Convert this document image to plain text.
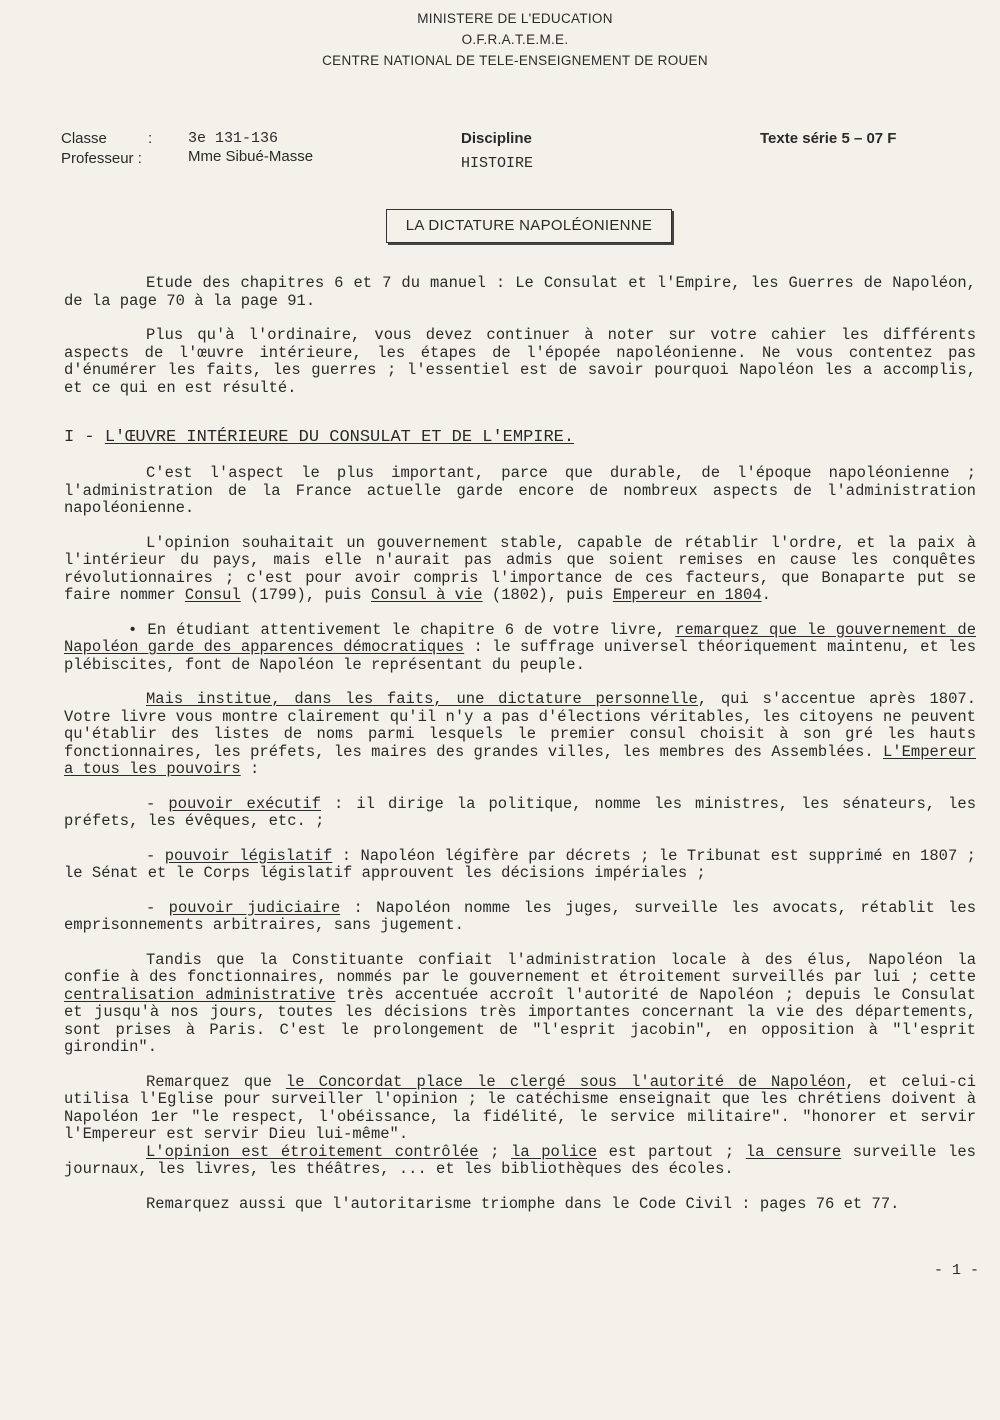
MINISTERE DE L'EDUCATION
O.F.R.A.T.E.M.E.
CENTRE NATIONAL DE TELE-ENSEIGNEMENT DE ROUEN
Classe	: 3e 131-136
Professeur :	Mme Sibué-Masse
Discipline
HISTOIRE
Texte série 5 – 07 F
LA DICTATURE NAPOLÉONIENNE

Etude des chapitres 6 et 7 du manuel : Le Consulat et l'Empire, les Guerres de Napoléon, de la page 70 à la page 91.

Plus qu'à l'ordinaire, vous devez continuer à noter sur votre cahier les différents aspects de l'œuvre intérieure, les étapes de l'épopée napoléonienne. Ne vous contentez pas d'énumérer les faits, les guerres ; l'essentiel est de savoir pourquoi Napoléon les a accomplis, et ce qui en est résulté.

I - L'ŒUVRE INTÉRIEURE DU CONSULAT ET DE L'EMPIRE.

C'est l'aspect le plus important, parce que durable, de l'époque napoléonienne ; l'administration de la France actuelle garde encore de nombreux aspects de l'administration napoléonienne.

L'opinion souhaitait un gouvernement stable, capable de rétablir l'ordre, et la paix à l'intérieur du pays, mais elle n'aurait pas admis que soient remises en cause les conquêtes révolutionnaires ; c'est pour avoir compris l'importance de ces facteurs, que Bonaparte put se faire nommer Consul (1799), puis Consul à vie (1802), puis Empereur en 1804.

• En étudiant attentivement le chapitre 6 de votre livre, remarquez que le gouvernement de Napoléon garde des apparences démocratiques : le suffrage universel théoriquement maintenu, et les plébiscites, font de Napoléon le représentant du peuple.

Mais institue, dans les faits, une dictature personnelle, qui s'accentue après 1807. Votre livre vous montre clairement qu'il n'y a pas d'élections véritables, les citoyens ne peuvent qu'établir des listes de noms parmi lesquels le premier consul choisit à son gré les hauts fonctionnaires, les préfets, les maires des grandes villes, les membres des Assemblées. L'Empereur a tous les pouvoirs :

- pouvoir exécutif : il dirige la politique, nomme les ministres, les sénateurs, les préfets, les évêques, etc. ;

- pouvoir législatif : Napoléon légifère par décrets ; le Tribunat est supprimé en 1807 ; le Sénat et le Corps législatif approuvent les décisions impériales ;

- pouvoir judiciaire : Napoléon nomme les juges, surveille les avocats, rétablit les emprisonnements arbitraires, sans jugement.

Tandis que la Constituante confiait l'administration locale à des élus, Napoléon la confie à des fonctionnaires, nommés par le gouvernement et étroitement surveillés par lui ; cette centralisation administrative très accentuée accroît l'autorité de Napoléon ; depuis le Consulat et jusqu'à nos jours, toutes les décisions très importantes concernant la vie des départements, sont prises à Paris. C'est le prolongement de "l'esprit jacobin", en opposition à "l'esprit girondin".

Remarquez que le Concordat place le clergé sous l'autorité de Napoléon, et celui-ci utilisa l'Eglise pour surveiller l'opinion ; le catéchisme enseignait que les chrétiens doivent à Napoléon 1er "le respect, l'obéissance, la fidélité, le service militaire". "honorer et servir l'Empereur est servir Dieu lui-même".

L'opinion est étroitement contrôlée ; la police est partout ; la censure surveille les journaux, les livres, les théâtres, ... et les bibliothèques des écoles.

Remarquez aussi que l'autoritarisme triomphe dans le Code Civil : pages 76 et 77.

- 1 -
